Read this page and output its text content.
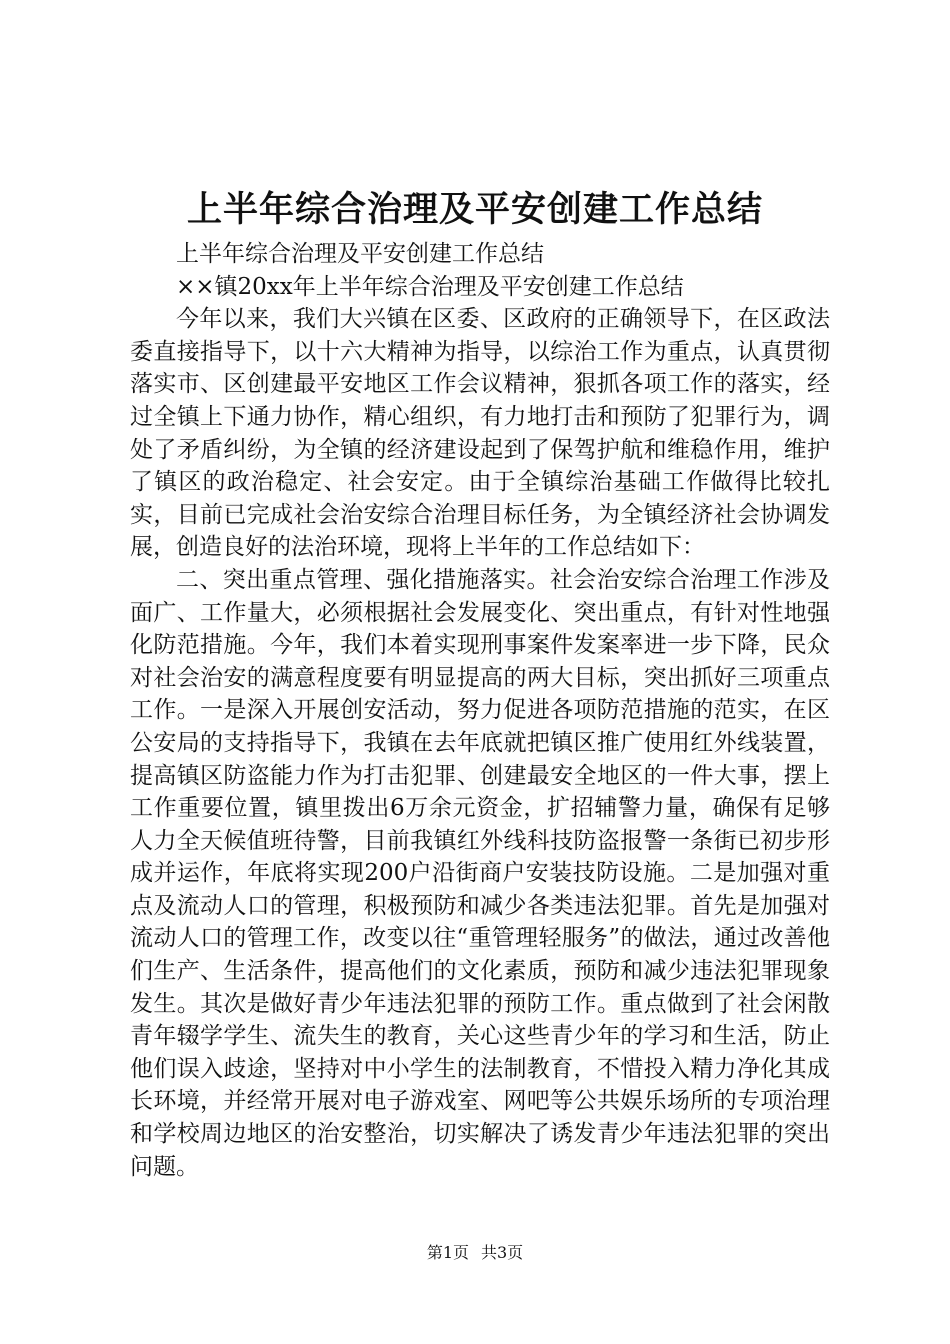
上半年综合治理及平安创建工作总结

上半年综合治理及平安创建工作总结

××镇20xx年上半年综合治理及平安创建工作总结

今年以来，我们大兴镇在区委、区政府的正确领导下，在区政法委直接指导下，以十六大精神为指导，以综治工作为重点，认真贯彻落实市、区创建最平安地区工作会议精神，狠抓各项工作的落实，经过全镇上下通力协作，精心组织，有力地打击和预防了犯罪行为，调处了矛盾纠纷，为全镇的经济建设起到了保驾护航和维稳作用，维护了镇区的政治稳定、社会安定。由于全镇综治基础工作做得比较扎实，目前已完成社会治安综合治理目标任务，为全镇经济社会协调发展，创造良好的法治环境，现将上半年的工作总结如下：

二、突出重点管理、强化措施落实。社会治安综合治理工作涉及面广、工作量大，必须根据社会发展变化、突出重点，有针对性地强化防范措施。今年，我们本着实现刑事案件发案率进一步下降，民众对社会治安的满意程度要有明显提高的两大目标，突出抓好三项重点工作。一是深入开展创安活动，努力促进各项防范措施的范实，在区公安局的支持指导下，我镇在去年底就把镇区推广使用红外线装置，提高镇区防盗能力作为打击犯罪、创建最安全地区的一件大事，摆上工作重要位置，镇里拨出6万余元资金，扩招辅警力量，确保有足够人力全天候值班待警，目前我镇红外线科技防盗报警一条街已初步形成并运作，年底将实现200户沿街商户安装技防设施。二是加强对重点及流动人口的管理，积极预防和减少各类违法犯罪。首先是加强对流动人口的管理工作，改变以往“重管理轻服务”的做法，通过改善他们生产、生活条件，提高他们的文化素质，预防和减少违法犯罪现象发生。其次是做好青少年违法犯罪的预防工作。重点做到了社会闲散青年辍学学生、流失生的教育，关心这些青少年的学习和生活，防止他们误入歧途，坚持对中小学生的法制教育，不惜投入精力净化其成长环境，并经常开展对电子游戏室、网吧等公共娱乐场所的专项治理和学校周边地区的治安整治，切实解决了诱发青少年违法犯罪的突出问题。

第1页 共3页
